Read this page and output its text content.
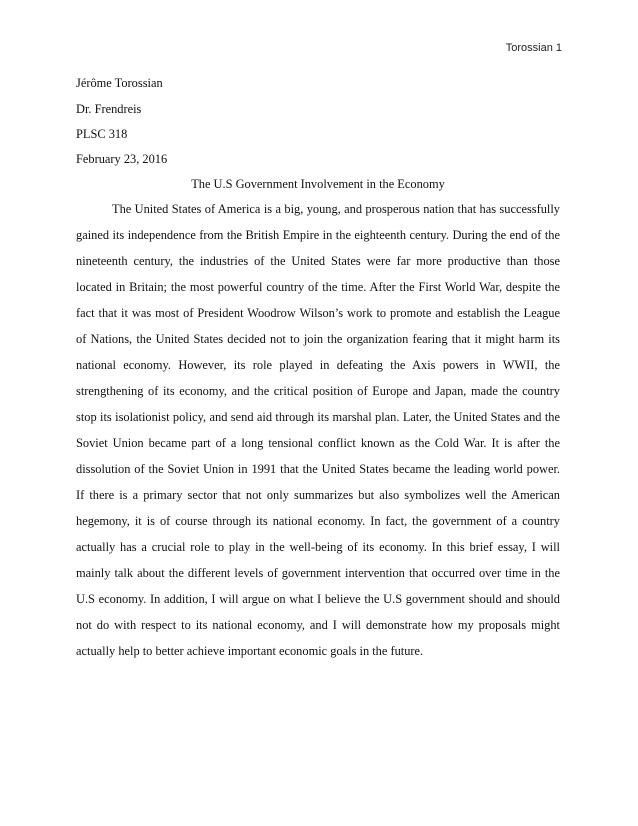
Torossian 1
Jérôme Torossian
Dr. Frendreis
PLSC 318
February 23, 2016
The U.S Government Involvement in the Economy
The United States of America is a big, young, and prosperous nation that has successfully
gained its independence from the British Empire in the eighteenth century. During the end of the
nineteenth century, the industries of the United States were far more productive than those
located in Britain; the most powerful country of the time. After the First World War, despite the
fact that it was most of President Woodrow Wilson’s work to promote and establish the League
of Nations, the United States decided not to join the organization fearing that it might harm its
national economy. However, its role played in defeating the Axis powers in WWII, the
strengthening of its economy, and the critical position of Europe and Japan, made the country
stop its isolationist policy, and send aid through its marshal plan. Later, the United States and the
Soviet Union became part of a long tensional conflict known as the Cold War. It is after the
dissolution of the Soviet Union in 1991 that the United States became the leading world power.
If there is a primary sector that not only summarizes but also symbolizes well the American
hegemony, it is of course through its national economy. In fact, the government of a country
actually has a crucial role to play in the well-being of its economy. In this brief essay, I will
mainly talk about the different levels of government intervention that occurred over time in the
U.S economy. In addition, I will argue on what I believe the U.S government should and should
not do with respect to its national economy, and I will demonstrate how my proposals might
actually help to better achieve important economic goals in the future.
